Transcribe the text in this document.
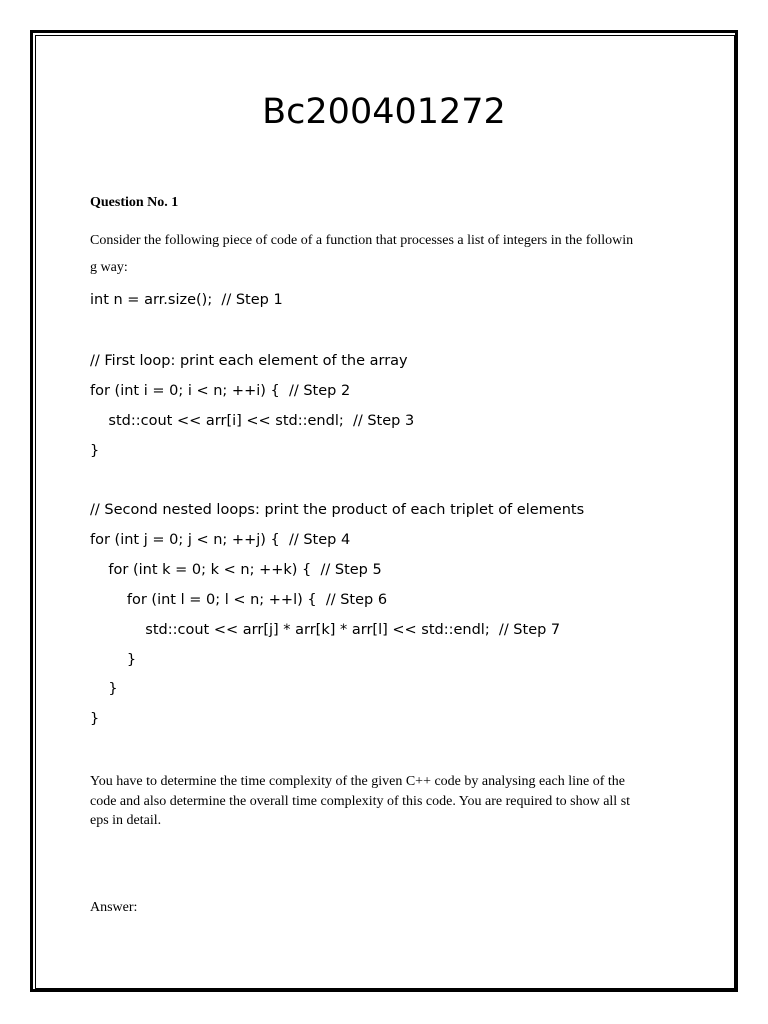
Bc200401272

Question No. 1

Consider the following piece of code of a function that processes a list of integers in the followin
g way:
int n = arr.size();  // Step 1
// First loop: print each element of the array
for (int i = 0; i < n; ++i) {  // Step 2
std::cout << arr[i] << std::endl;  // Step 3
}
// Second nested loops: print the product of each triplet of elements
for (int j = 0; j < n; ++j) {  // Step 4
for (int k = 0; k < n; ++k) {  // Step 5
for (int l = 0; l < n; ++l) {  // Step 6
std::cout << arr[j] * arr[k] * arr[l] << std::endl;  // Step 7
}
}
}
You have to determine the time complexity of the given C++ code by analysing each line of the
code and also determine the overall time complexity of this code. You are required to show all st
eps in detail.

Answer:
